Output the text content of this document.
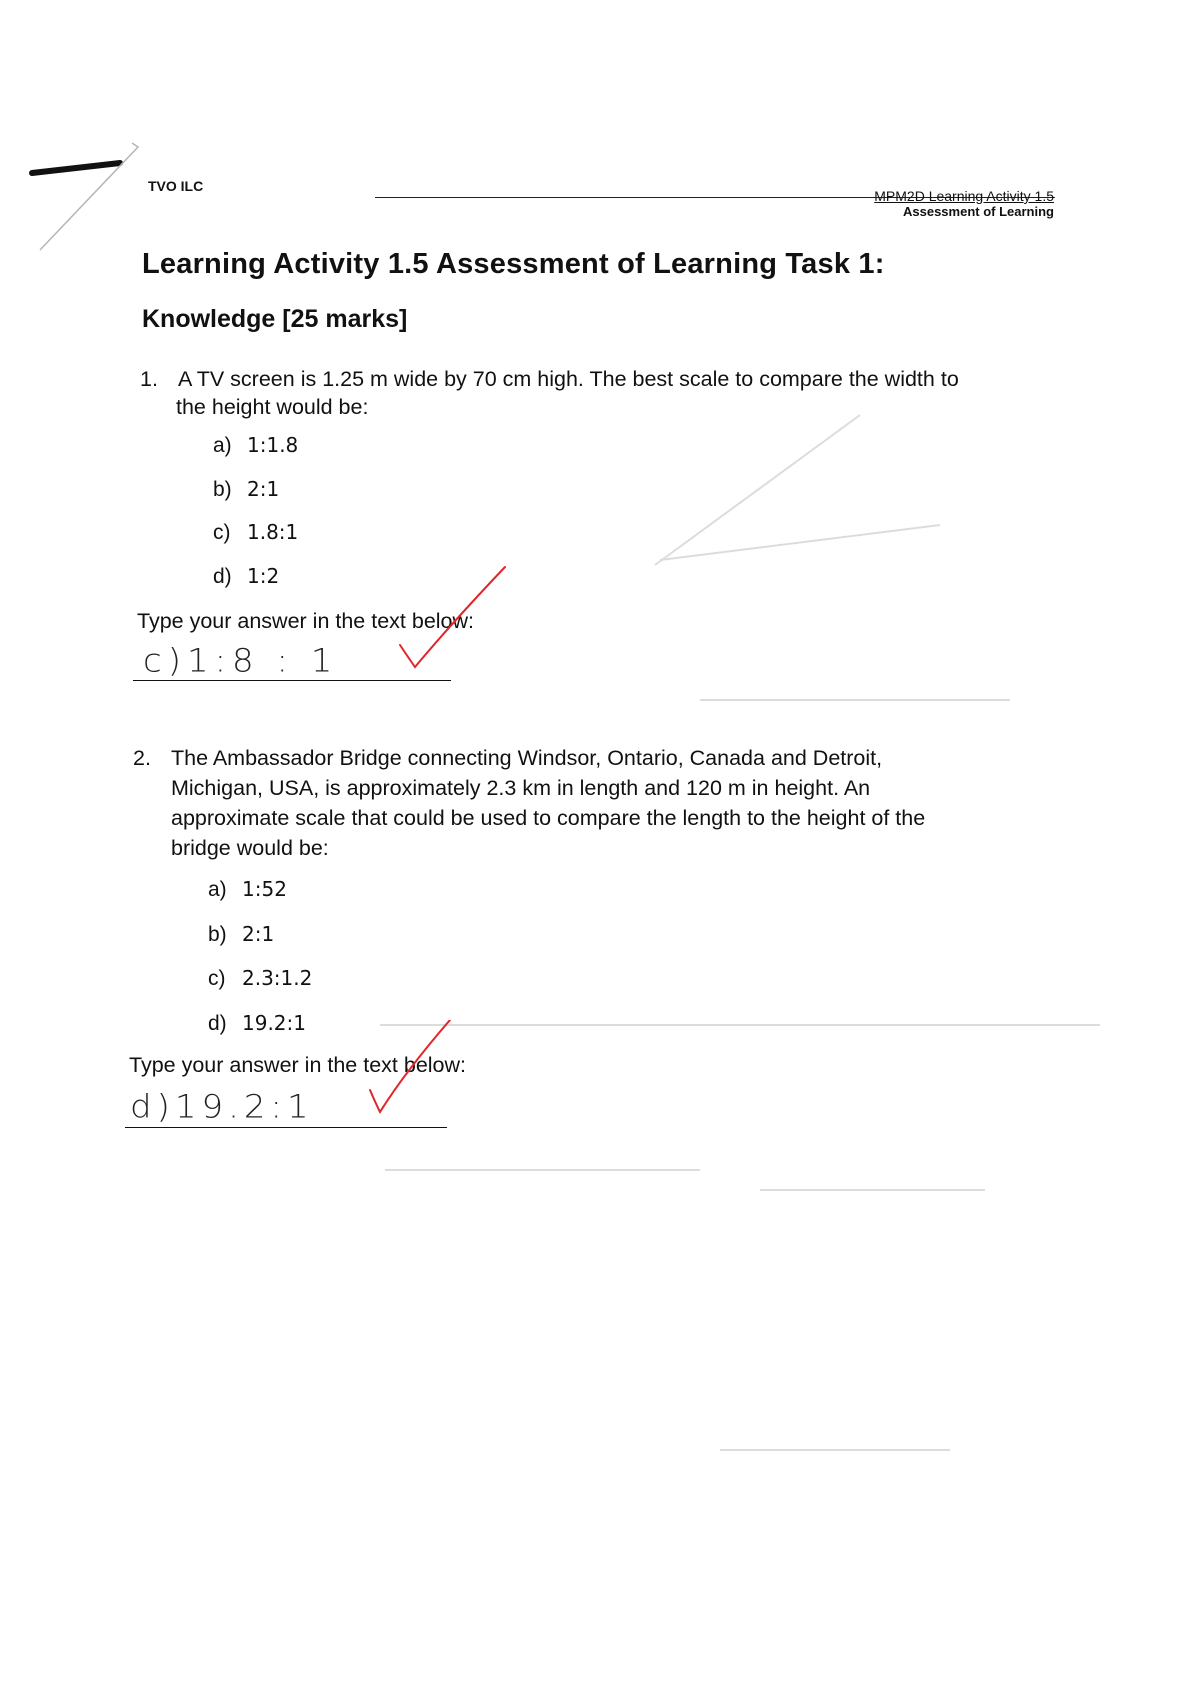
TVO ILC
MPM2D Learning Activity 1.5
Assessment of Learning
Learning Activity 1.5 Assessment of Learning Task 1:
Knowledge [25 marks]
1. A TV screen is 1.25 m wide by 70 cm high. The best scale to compare the width to
the height would be:
a) 1:1.8
b) 2:1
c) 1.8:1
d) 1:2
Type your answer in the text below:
c)1:8 : 1
2. The Ambassador Bridge connecting Windsor, Ontario, Canada and Detroit,
Michigan, USA, is approximately 2.3 km in length and 120 m in height. An
approximate scale that could be used to compare the length to the height of the
bridge would be:
a) 1:52
b) 2:1
c) 2.3:1.2
d) 19.2:1
Type your answer in the text below:
d)19.2:1
